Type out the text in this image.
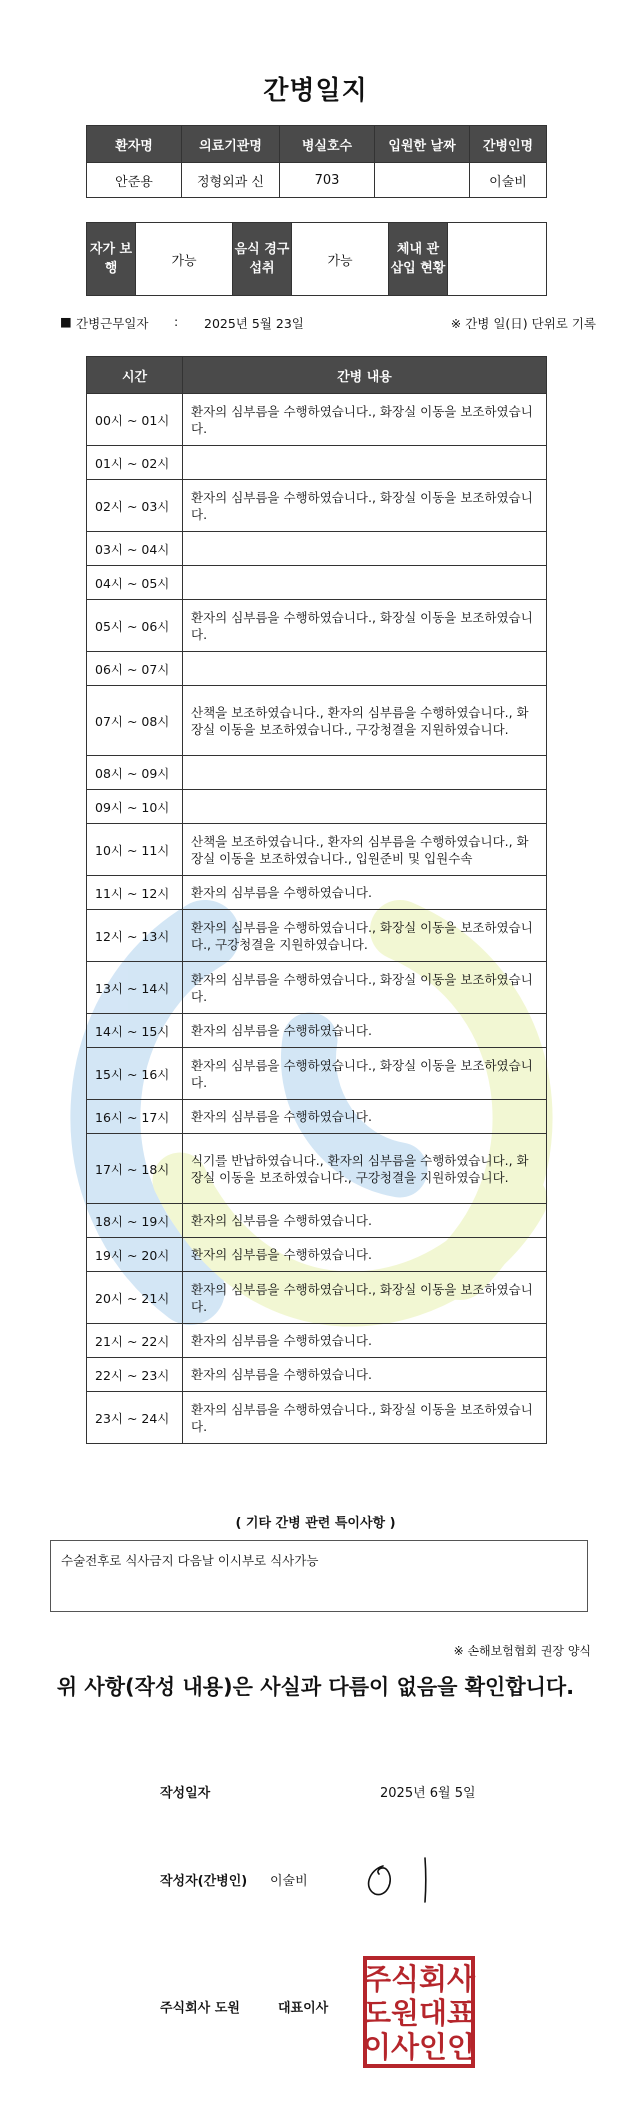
간병일지
환자명	의료기관명	병실호수	입원한 날짜	간병인명
안준용	정형외과 신	703		이술비
자가 보행	가능	음식 경구 섭취	가능	체내 관 삽입 현황	
■ 간병근무일자 : 2025년 5월 23일	※ 간병 일(日) 단위로 기록
시간	간병 내용
00시 ~ 01시	환자의 심부름을 수행하였습니다., 화장실 이동을 보조하였습니다.
01시 ~ 02시	
02시 ~ 03시	환자의 심부름을 수행하였습니다., 화장실 이동을 보조하였습니다.
03시 ~ 04시	
04시 ~ 05시	
05시 ~ 06시	환자의 심부름을 수행하였습니다., 화장실 이동을 보조하였습니다.
06시 ~ 07시	
07시 ~ 08시	산책을 보조하였습니다., 환자의 심부름을 수행하였습니다., 화장실 이동을 보조하였습니다., 구강청결을 지원하였습니다.
08시 ~ 09시	
09시 ~ 10시	
10시 ~ 11시	산책을 보조하였습니다., 환자의 심부름을 수행하였습니다., 화장실 이동을 보조하였습니다., 입원준비 및 입원수속
11시 ~ 12시	환자의 심부름을 수행하였습니다.
12시 ~ 13시	환자의 심부름을 수행하였습니다., 화장실 이동을 보조하였습니다., 구강청결을 지원하였습니다.
13시 ~ 14시	환자의 심부름을 수행하였습니다., 화장실 이동을 보조하였습니다.
14시 ~ 15시	환자의 심부름을 수행하였습니다.
15시 ~ 16시	환자의 심부름을 수행하였습니다., 화장실 이동을 보조하였습니다.
16시 ~ 17시	환자의 심부름을 수행하였습니다.
17시 ~ 18시	식기를 반납하였습니다., 환자의 심부름을 수행하였습니다., 화장실 이동을 보조하였습니다., 구강청결을 지원하였습니다.
18시 ~ 19시	환자의 심부름을 수행하였습니다.
19시 ~ 20시	환자의 심부름을 수행하였습니다.
20시 ~ 21시	환자의 심부름을 수행하였습니다., 화장실 이동을 보조하였습니다.
21시 ~ 22시	환자의 심부름을 수행하였습니다.
22시 ~ 23시	환자의 심부름을 수행하였습니다.
23시 ~ 24시	환자의 심부름을 수행하였습니다., 화장실 이동을 보조하였습니다.
( 기타 간병 관련 특이사항 )
수술전후로 식사금지 다음날 이시부로 식사가능
※ 손해보험협회 권장 양식

위 사항(작성 내용)은 사실과 다름이 없음을 확인합니다.

작성일자	2025년 6월 5일
작성자(간병인) 이술비
주식회사 도원	대표이사
주식회사
도원대표
이사인인
